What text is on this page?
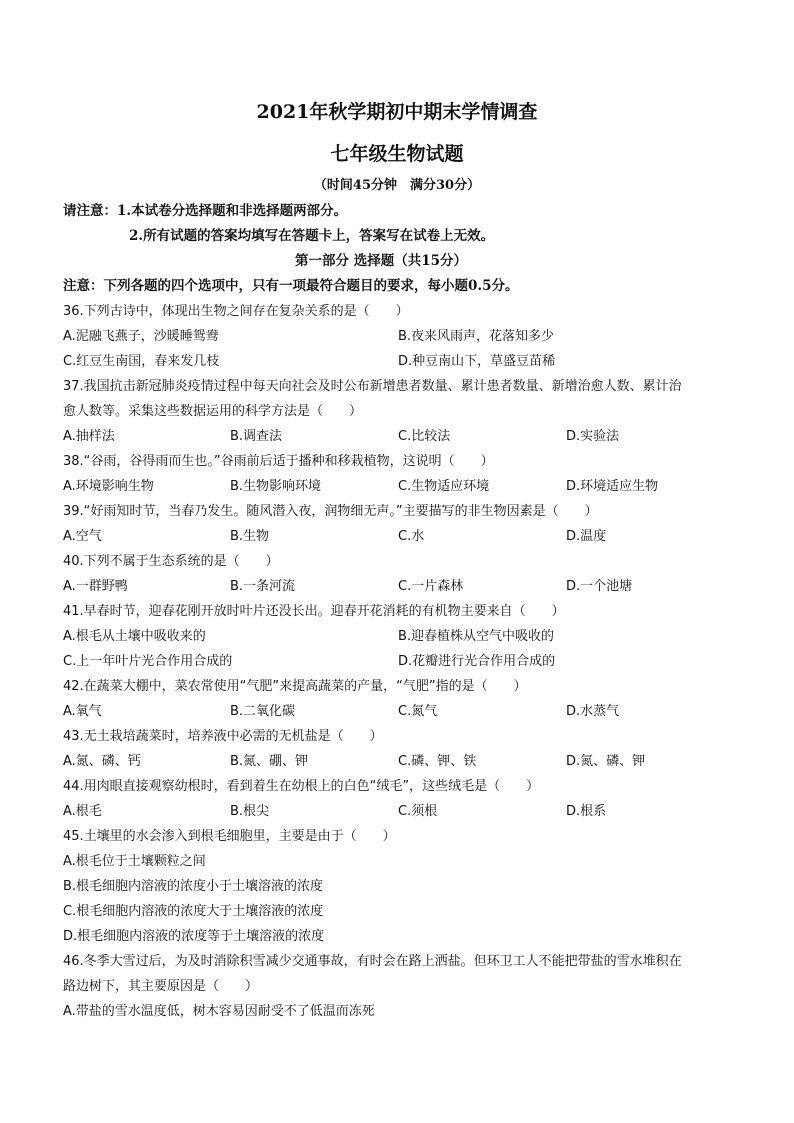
2021年秋学期初中期末学情调查
七年级生物试题
（时间45分钟　满分30分）
请注意：1.本试卷分选择题和非选择题两部分。
2.所有试题的答案均填写在答题卡上，答案写在试卷上无效。
第一部分 选择题（共15分）
注意：下列各题的四个选项中，只有一项最符合题目的要求，每小题0.5分。
36.下列古诗中，体现出生物之间存在复杂关系的是（　　）
A.泥融飞燕子，沙暖睡鸳鸯	B.夜来风雨声，花落知多少
C.红豆生南国，春来发几枝	D.种豆南山下，草盛豆苗稀
37.我国抗击新冠肺炎疫情过程中每天向社会及时公布新增患者数量、累计患者数量、新增治愈人数、累计治
愈人数等。采集这些数据运用的科学方法是（　　）
A.抽样法	B.调查法	C.比较法	D.实验法
38.“谷雨，谷得雨而生也。”谷雨前后适于播种和移栽植物，这说明（　　）
A.环境影响生物	B.生物影响环境	C.生物适应环境	D.环境适应生物
39.“好雨知时节，当春乃发生。随风潜入夜，润物细无声。”主要描写的非生物因素是（　　）
A.空气	B.生物	C.水	D.温度
40.下列不属于生态系统的是（　　）
A.一群野鸭	B.一条河流	C.一片森林	D.一个池塘
41.早春时节，迎春花刚开放时叶片还没长出。迎春开花消耗的有机物主要来自（　　）
A.根毛从土壤中吸收来的	B.迎春植株从空气中吸收的
C.上一年叶片光合作用合成的	D.花瓣进行光合作用合成的
42.在蔬菜大棚中，菜农常使用“气肥”来提高蔬菜的产量，“气肥”指的是（　　）
A.氧气	B.二氧化碳	C.氮气	D.水蒸气
43.无土栽培蔬菜时，培养液中必需的无机盐是（　　）
A.氮、磷、钙	B.氮、硼、钾	C.磷、钾、铁	D.氮、磷、钾
44.用肉眼直接观察幼根时，看到着生在幼根上的白色“绒毛”，这些绒毛是（　　）
A.根毛	B.根尖	C.须根	D.根系
45.土壤里的水会渗入到根毛细胞里，主要是由于（　　）
A.根毛位于土壤颗粒之间
B.根毛细胞内溶液的浓度小于土壤溶液的浓度
C.根毛细胞内溶液的浓度大于土壤溶液的浓度
D.根毛细胞内溶液的浓度等于土壤溶液的浓度
46.冬季大雪过后，为及时消除积雪减少交通事故，有时会在路上洒盐。但环卫工人不能把带盐的雪水堆积在
路边树下，其主要原因是（　　）
A.带盐的雪水温度低，树木容易因耐受不了低温而冻死
